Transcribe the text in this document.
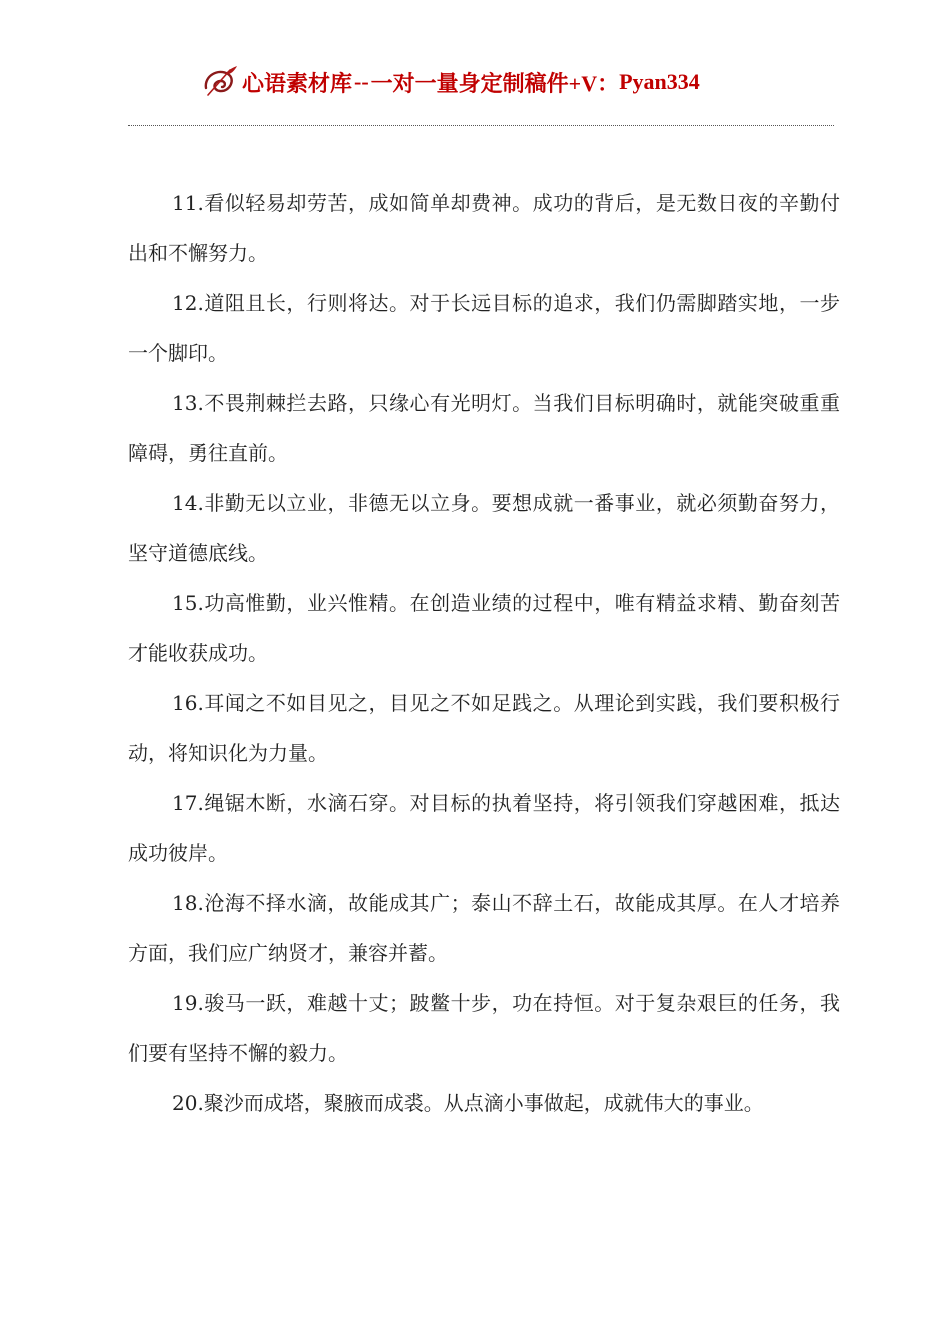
心语素材库 -- 一对一量身定制稿件+V： Pyan334

11.看似轻易却劳苦，成如简单却费神。成功的背后，是无数日夜的辛勤付出和不懈努力。

12.道阻且长，行则将达。对于长远目标的追求，我们仍需脚踏实地，一步一个脚印。

13.不畏荆棘拦去路，只缘心有光明灯。当我们目标明确时，就能突破重重障碍，勇往直前。

14.非勤无以立业，非德无以立身。要想成就一番事业，就必须勤奋努力，坚守道德底线。

15.功高惟勤，业兴惟精。在创造业绩的过程中，唯有精益求精、勤奋刻苦才能收获成功。

16.耳闻之不如目见之，目见之不如足践之。从理论到实践，我们要积极行动，将知识化为力量。

17.绳锯木断，水滴石穿。对目标的执着坚持，将引领我们穿越困难，抵达成功彼岸。

18.沧海不择水滴，故能成其广；泰山不辞土石，故能成其厚。在人才培养方面，我们应广纳贤才，兼容并蓄。

19.骏马一跃，难越十丈；跛鳖十步，功在持恒。对于复杂艰巨的任务，我们要有坚持不懈的毅力。

20.聚沙而成塔，聚腋而成裘。从点滴小事做起，成就伟大的事业。
